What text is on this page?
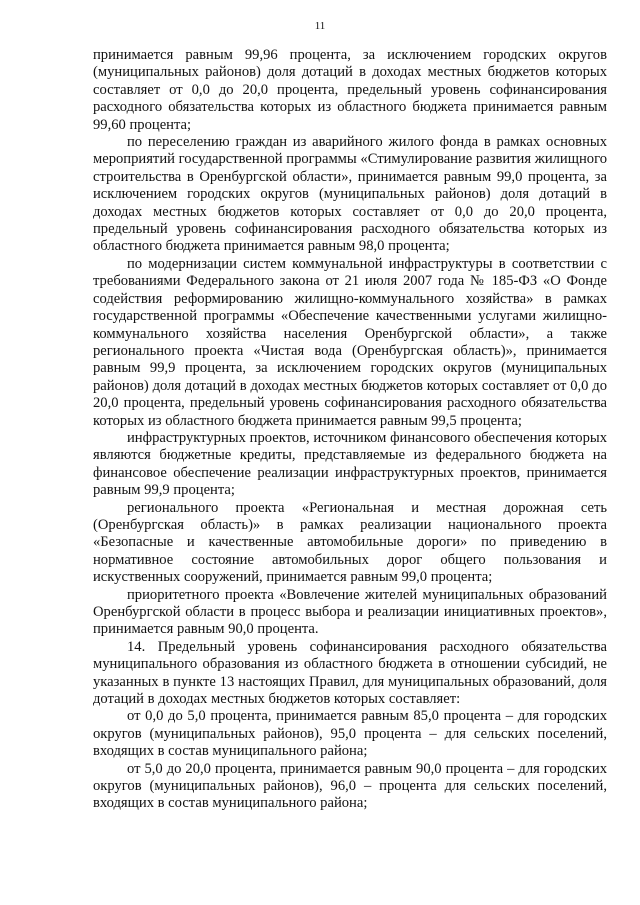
11

принимается равным 99,96 процента, за исключением городских округов (муниципальных районов) доля дотаций в доходах местных бюджетов которых составляет от 0,0 до 20,0 процента, предельный уровень софинансирования расходного обязательства которых из областного бюджета принимается равным 99,60 процента;

по переселению граждан из аварийного жилого фонда в рамках основных мероприятий государственной программы «Стимулирование развития жилищного строительства в Оренбургской области», принимается равным 99,0 процента, за исключением городских округов (муниципальных районов) доля дотаций в доходах местных бюджетов которых составляет от 0,0 до 20,0 процента, предельный уровень софинансирования расходного обязательства которых из областного бюджета принимается равным 98,0 процента;

по модернизации систем коммунальной инфраструктуры в соответствии с требованиями Федерального закона от 21 июля 2007 года № 185-ФЗ «О Фонде содействия реформированию жилищно-коммунального хозяйства» в рамках государственной программы «Обеспечение качественными услугами жилищно-коммунального хозяйства населения Оренбургской области», а также регионального проекта «Чистая вода (Оренбургская область)», принимается равным 99,9 процента, за исключением городских округов (муниципальных районов) доля дотаций в доходах местных бюджетов которых составляет от 0,0 до 20,0 процента, предельный уровень софинансирования расходного обязательства которых из областного бюджета принимается равным 99,5 процента;

инфраструктурных проектов, источником финансового обеспечения которых являются бюджетные кредиты, представляемые из федерального бюджета на финансовое обеспечение реализации инфраструктурных проектов, принимается равным 99,9 процента;

регионального проекта «Региональная и местная дорожная сеть (Оренбургская область)» в рамках реализации национального проекта «Безопасные и качественные автомобильные дороги» по приведению в нормативное состояние автомобильных дорог общего пользования и искуственных сооружений, принимается равным 99,0 процента;

приоритетного проекта «Вовлечение жителей муниципальных образований Оренбургской области в процесс выбора и реализации инициативных проектов», принимается равным 90,0 процента.

14. Предельный уровень софинансирования расходного обязательства муниципального образования из областного бюджета в отношении субсидий, не указанных в пункте 13 настоящих Правил, для муниципальных образований, доля дотаций в доходах местных бюджетов которых составляет:

от 0,0 до 5,0 процента, принимается равным 85,0 процента – для городских округов (муниципальных районов), 95,0 процента – для сельских поселений, входящих в состав муниципального района;

от 5,0 до 20,0 процента, принимается равным 90,0 процента – для городских округов (муниципальных районов), 96,0 – процента для сельских поселений, входящих в состав муниципального района;
